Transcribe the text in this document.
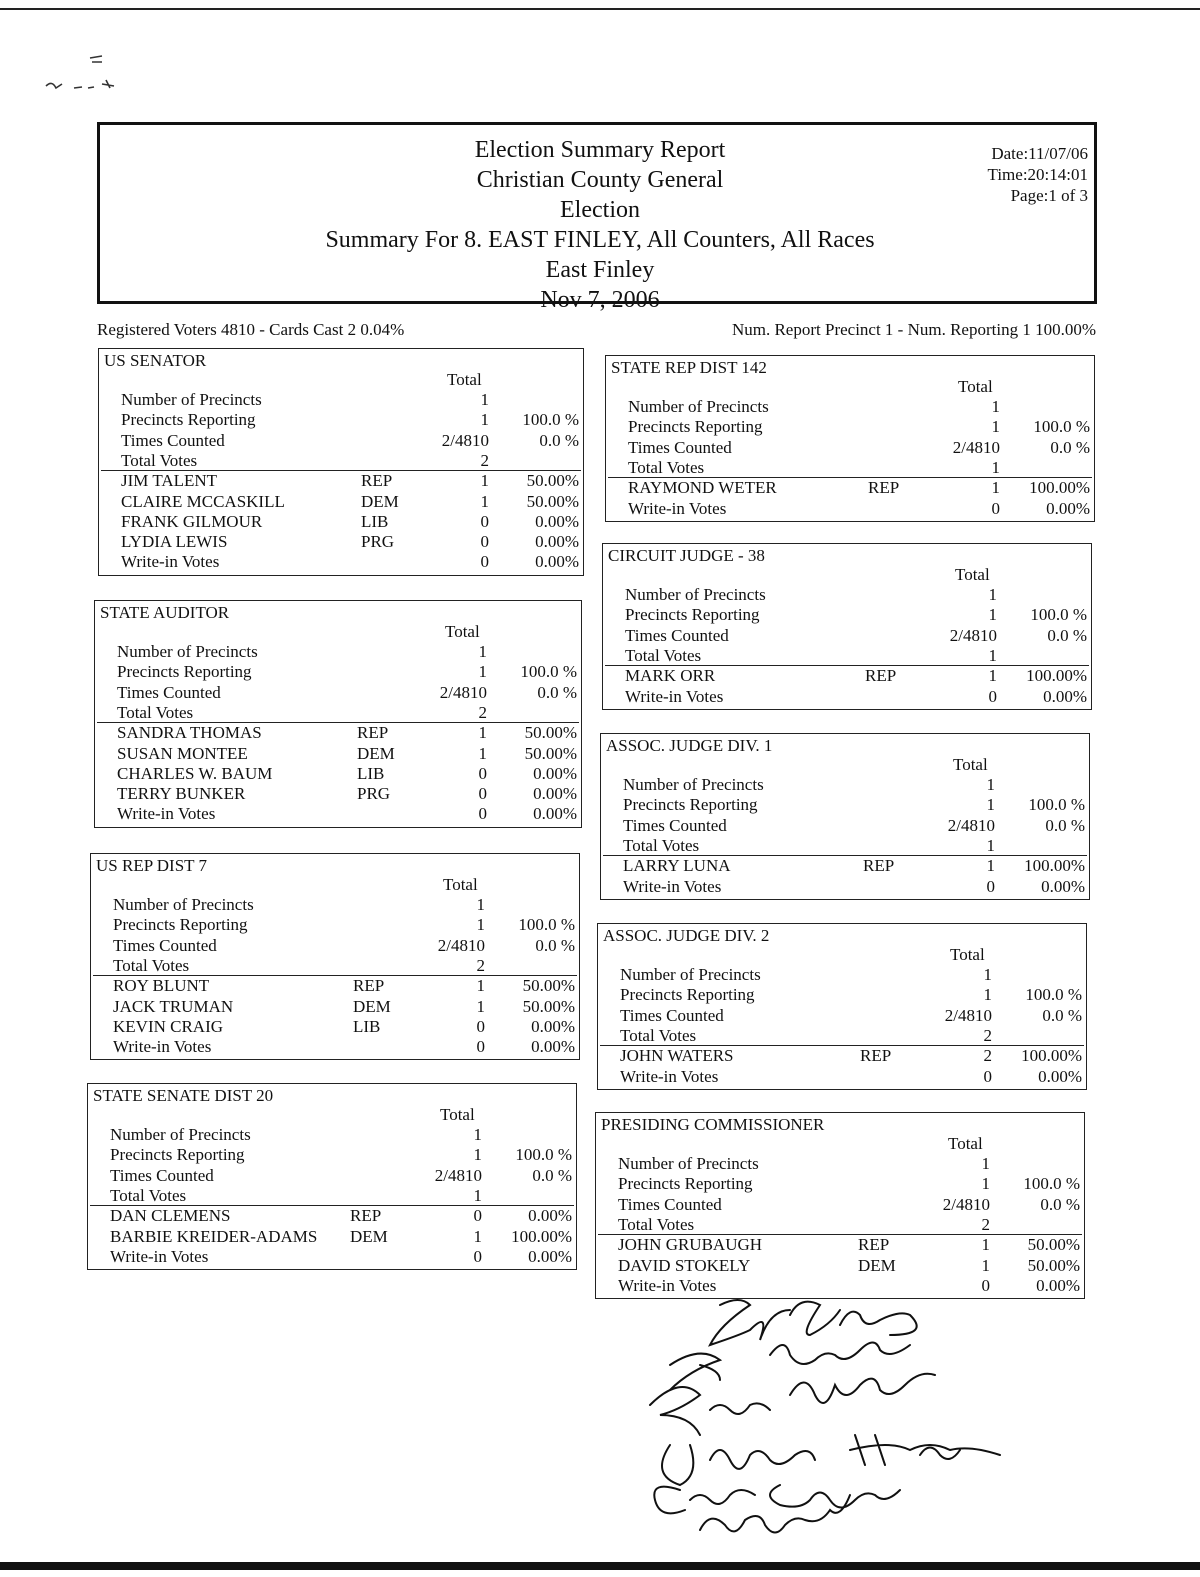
Election Summary Report
Christian County General
Election
Summary For 8. EAST FINLEY, All Counters, All Races
East Finley
Nov 7, 2006
Date:11/07/06
Time:20:14:01
Page:1 of 3
Registered Voters 4810 - Cards Cast 2 0.04%	Num. Report Precinct 1 - Num. Reporting 1 100.00%
US SENATOR
Total
Number of Precincts	1
Precincts Reporting	1	100.0 %
Times Counted	2/4810	0.0 %
Total Votes	2
JIM TALENT	REP	1	50.00%
CLAIRE MCCASKILL	DEM	1	50.00%
FRANK GILMOUR	LIB	0	0.00%
LYDIA LEWIS	PRG	0	0.00%
Write-in Votes	0	0.00%
STATE AUDITOR
Total
Number of Precincts	1
Precincts Reporting	1	100.0 %
Times Counted	2/4810	0.0 %
Total Votes	2
SANDRA THOMAS	REP	1	50.00%
SUSAN MONTEE	DEM	1	50.00%
CHARLES W. BAUM	LIB	0	0.00%
TERRY BUNKER	PRG	0	0.00%
Write-in Votes	0	0.00%
US REP DIST 7
Total
Number of Precincts	1
Precincts Reporting	1	100.0 %
Times Counted	2/4810	0.0 %
Total Votes	2
ROY BLUNT	REP	1	50.00%
JACK TRUMAN	DEM	1	50.00%
KEVIN CRAIG	LIB	0	0.00%
Write-in Votes	0	0.00%
STATE SENATE DIST 20
Total
Number of Precincts	1
Precincts Reporting	1	100.0 %
Times Counted	2/4810	0.0 %
Total Votes	1
DAN CLEMENS	REP	0	0.00%
BARBIE KREIDER-ADAMS DEM	1	100.00%
Write-in Votes	0	0.00%
STATE REP DIST 142
Total
Number of Precincts	1
Precincts Reporting	1	100.0 %
Times Counted	2/4810	0.0 %
Total Votes	1
RAYMOND WETER	REP	1	100.00%
Write-in Votes	0	0.00%
CIRCUIT JUDGE - 38
Total
Number of Precincts	1
Precincts Reporting	1	100.0 %
Times Counted	2/4810	0.0 %
Total Votes	1
MARK ORR	REP	1	100.00%
Write-in Votes	0	0.00%
ASSOC. JUDGE DIV. 1
Total
Number of Precincts	1
Precincts Reporting	1	100.0 %
Times Counted	2/4810	0.0 %
Total Votes	1
LARRY LUNA	REP	1	100.00%
Write-in Votes	0	0.00%
ASSOC. JUDGE DIV. 2
Total
Number of Precincts	1
Precincts Reporting	1	100.0 %
Times Counted	2/4810	0.0 %
Total Votes	2
JOHN WATERS	REP	2	100.00%
Write-in Votes	0	0.00%
PRESIDING COMMISSIONER
Total
Number of Precincts	1
Precincts Reporting	1	100.0 %
Times Counted	2/4810	0.0 %
Total Votes	2
JOHN GRUBAUGH	REP	1	50.00%
DAVID STOKELY	DEM	1	50.00%
Write-in Votes	0	0.00%
